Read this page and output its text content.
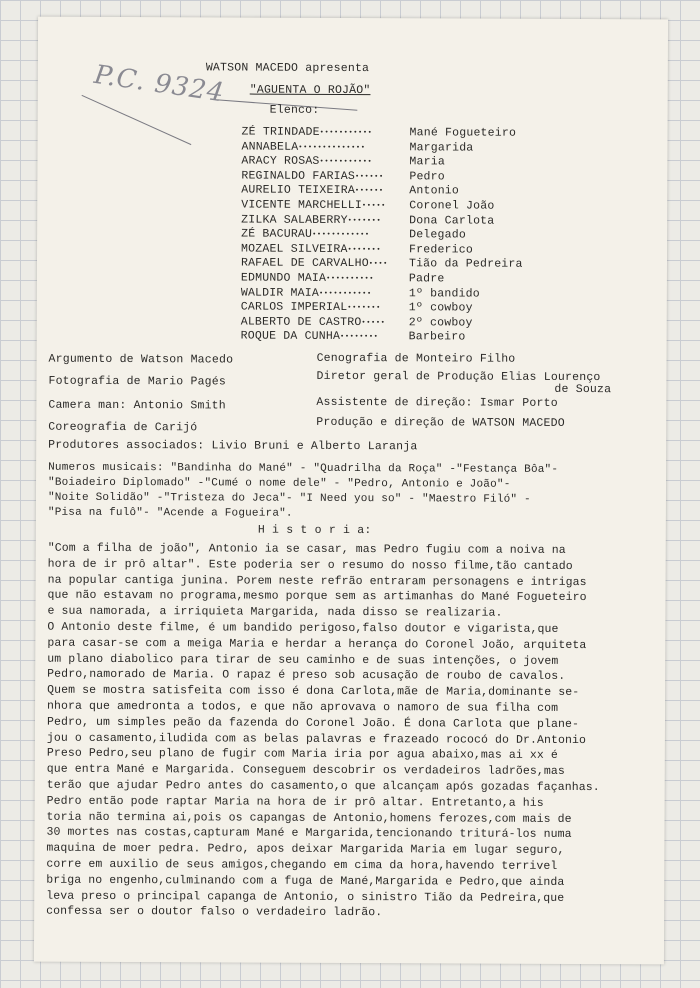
P.C. 9324
WATSON MACEDO apresenta
"AGUENTA O ROJÃO"
Elenco:
ZÉ TRINDADE •••••••••••	Mané Fogueteiro
ANNABELA ••••••••••••••	Margarida
ARACY ROSAS •••••••••••	Maria
REGINALDO FARIAS •••••• Pedro
AURELIO TEIXEIRA •••••• Antonio
VICENTE MARCHELLI ••••• Coronel João
ZILKA SALABERRY ••••••• Dona Carlota
ZÉ BACURAU ••••••••••••	Delegado
MOZAEL SILVEIRA ••••••• Frederico
RAFAEL DE CARVALHO •••• Tião da Pedreira
EDMUNDO MAIA ••••••••••	Padre
WALDIR MAIA •••••••••••	1º bandido
CARLOS IMPERIAL ••••••• 1º cowboy
ALBERTO DE CASTRO ••••• 2º cowboy
ROQUE DA CUNHA ••••••••	Barbeiro
Argumento de Watson Macedo
Fotografia de Mario Pagés
Camera man: Antonio Smith
Coreografia de Carijó
Cenografia de Monteiro Filho
Diretor geral de Produção Elias Lourenço
de Souza
Assistente de direção: Ismar Porto
Produção e direção de WATSON MACEDO
Produtores associados: Livio Bruni e Alberto Laranja
Numeros musicais: "Bandinha do Mané" - "Quadrilha da Roça" -"Festança Bôa"-
"Boiadeiro Diplomado" -"Cumé o nome dele" - "Pedro, Antonio e João"-
"Noite Solidão" -"Tristeza do Jeca"- "I Need you so" - "Maestro Filó" -
"Pisa na fulô"- "Acende a Fogueira".
H i s t o r i a:
"Com a filha de joão", Antonio ia se casar, mas Pedro fugiu com a noiva na
hora de ir prô altar". Este poderia ser o resumo do nosso filme,tão cantado
na popular cantiga junina. Porem neste refrão entraram personagens e intrigas
que não estavam no programa,mesmo porque sem as artimanhas do Mané Fogueteiro
e sua namorada, a irriquieta Margarida, nada disso se realizaria.
O Antonio deste filme, é um bandido perigoso,falso doutor e vigarista,que
para casar-se com a meiga Maria e herdar a herança do Coronel João, arquiteta
um plano diabolico para tirar de seu caminho e de suas intenções, o jovem
Pedro,namorado de Maria. O rapaz é preso sob acusação de roubo de cavalos.
Quem se mostra satisfeita com isso é dona Carlota,mãe de Maria,dominante se-
nhora que amedronta a todos, e que não aprovava o namoro de sua filha com
Pedro, um simples peão da fazenda do Coronel João. É dona Carlota que plane-
jou o casamento,iludida com as belas palavras e frazeado rococó do Dr.Antonio
Preso Pedro,seu plano de fugir com Maria iria por agua abaixo,mas ai xx é
que entra Mané e Margarida. Conseguem descobrir os verdadeiros ladrões,mas
terão que ajudar Pedro antes do casamento,o que alcançam após gozadas façanhas.
Pedro então pode raptar Maria na hora de ir prô altar. Entretanto,a his
toria não termina ai,pois os capangas de Antonio,homens ferozes,com mais de
30 mortes nas costas,capturam Mané e Margarida,tencionando triturá-los numa
maquina de moer pedra. Pedro, apos deixar Margarida Maria em lugar seguro,
corre em auxilio de seus amigos,chegando em cima da hora,havendo terrivel
briga no engenho,culminando com a fuga de Mané,Margarida e Pedro,que ainda
leva preso o principal capanga de Antonio, o sinistro Tião da Pedreira,que
confessa ser o doutor falso o verdadeiro ladrão.
